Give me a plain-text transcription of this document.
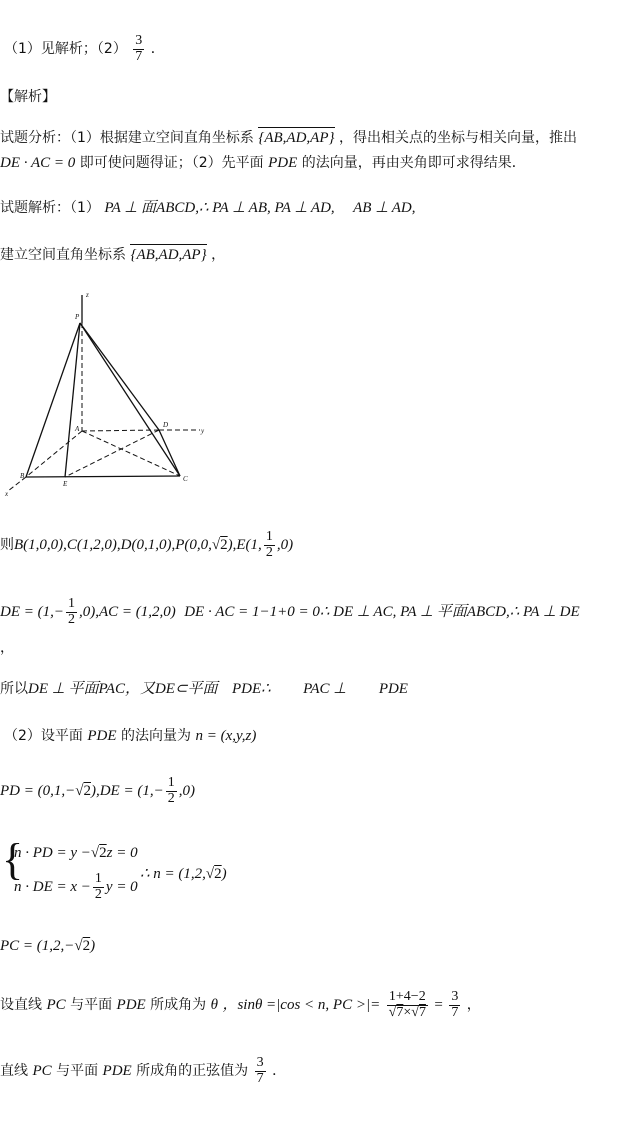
（1）见解析；$(2) \frac{3}{7}$ ．
【解析】
试题分析：（1）根据建立空间直角坐标系 {AB,AD,AP} ，得出相关点的坐标与相关向量，推出
DE · AC = 0 即可使问题得证；（2）先平面 PDE 的法向量，再由夹角即可求得结果．
试题解析：（1） PA ⊥ 面ABCD,∴ PA ⊥ AB, PA ⊥ AD, AB ⊥ AD,
建立空间直角坐标系 {AB,AD,AP} ，
z
P
A	D
y
B
E
C
x
则B(1,0,0),C(1,2,0),D(0,1,0),P(0,0,√2),E(1, $\frac{1}{2} ,0$)
DE = $(1,- \frac{1}{2} ,0),AC = (1,2,0)$ DE · AC = 1−1+0 = 0∴ DE ⊥ AC, PA ⊥ 平面ABCD,∴ PA ⊥ DE
，
所以DE ⊥ 平面PAC，又DE⊂平面 PDE∴ PAC ⊥ PDE
（2）设平面 PDE 的法向量为 n = (x,y,z)
PD = $(0,1,-√2),DE = (1,- \frac{1}{2} ,0)$
{
n · PD = y −√2z = 0
n · DE = $x - \frac{1}{2}$ y = 0
∴ n = (1,2,√2)
PC = (1,2,−√2)
设直线 PC 与平面 PDE 所成角为 θ ，sinθ =|cos < n, PC >|= $\frac{1+4-2}{√7\times√7} = \frac{3}{7}$ ，
直线 PC 与平面 PDE 所成角的正弦值为 $\frac{3}{7}$ ．
